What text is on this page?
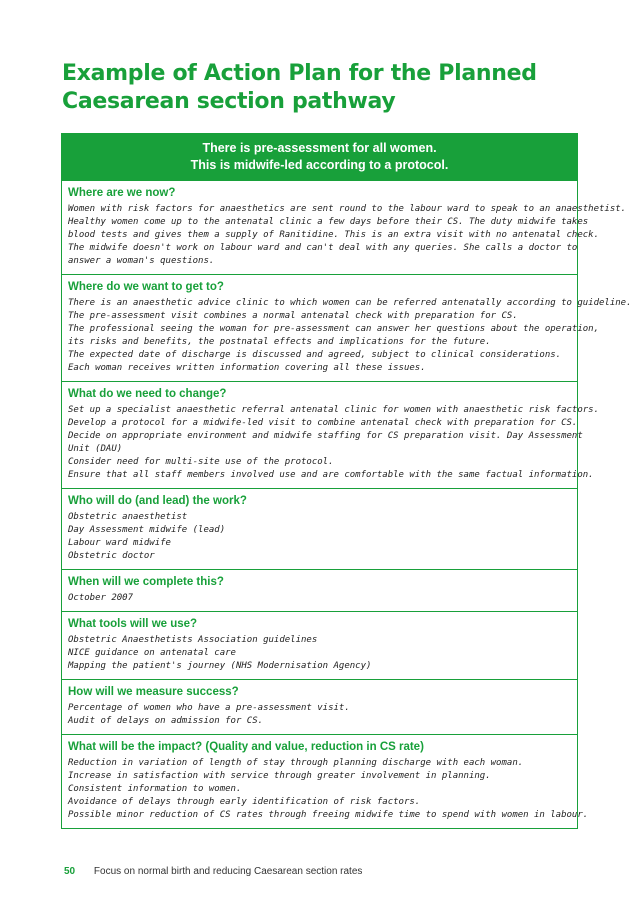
Example of Action Plan for the Planned
Caesarean section pathway
There is pre-assessment for all women.
This is midwife-led according to a protocol.
Where are we now?
Women with risk factors for anaesthetics are sent round to the labour ward to speak to an anaesthetist.
Healthy women come up to the antenatal clinic a few days before their CS. The duty midwife takes
blood tests and gives them a supply of Ranitidine. This is an extra visit with no antenatal check.
The midwife doesn't work on labour ward and can't deal with any queries. She calls a doctor to
answer a woman's questions.
Where do we want to get to?
There is an anaesthetic advice clinic to which women can be referred antenatally according to guideline.
The pre-assessment visit combines a normal antenatal check with preparation for CS.
The professional seeing the woman for pre-assessment can answer her questions about the operation,
its risks and benefits, the postnatal effects and implications for the future.
The expected date of discharge is discussed and agreed, subject to clinical considerations.
Each woman receives written information covering all these issues.
What do we need to change?
Set up a specialist anaesthetic referral antenatal clinic for women with anaesthetic risk factors.
Develop a protocol for a midwife-led visit to combine antenatal check with preparation for CS.
Decide on appropriate environment and midwife staffing for CS preparation visit. Day Assessment
Unit (DAU)
Consider need for multi-site use of the protocol.
Ensure that all staff members involved use and are comfortable with the same factual information.
Who will do (and lead) the work?
Obstetric anaesthetist
Day Assessment midwife (lead)
Labour ward midwife
Obstetric doctor
When will we complete this?
October 2007
What tools will we use?
Obstetric Anaesthetists Association guidelines
NICE guidance on antenatal care
Mapping the patient's journey (NHS Modernisation Agency)
How will we measure success?
Percentage of women who have a pre-assessment visit.
Audit of delays on admission for CS.
What will be the impact? (Quality and value, reduction in CS rate)
Reduction in variation of length of stay through planning discharge with each woman.
Increase in satisfaction with service through greater involvement in planning.
Consistent information to women.
Avoidance of delays through early identification of risk factors.
Possible minor reduction of CS rates through freeing midwife time to spend with women in labour.
50 Focus on normal birth and reducing Caesarean section rates
